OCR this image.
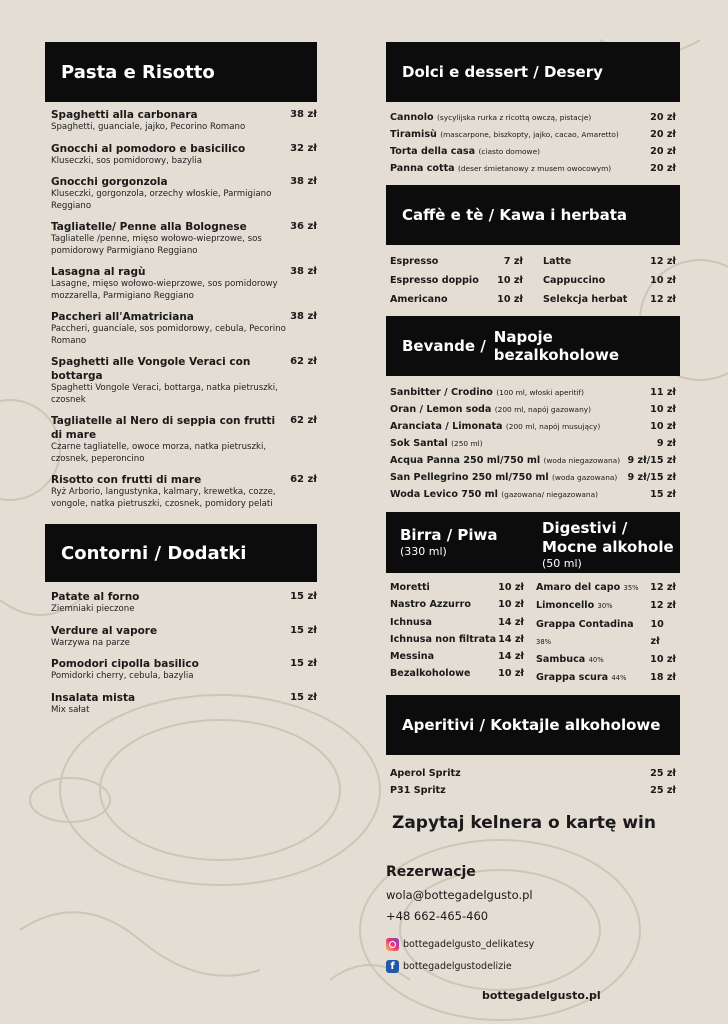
Pasta e Risotto
Spaghetti alla carbonara
Spaghetti, guanciale, jajko, Pecorino Romano
38 zł
Gnocchi al pomodoro e basicilico
Kluseczki, sos pomidorowy, bazylia
32 zł
Gnocchi gorgonzola
Kluseczki, gorgonzola, orzechy włoskie, Parmigiano Reggiano
38 zł
Tagliatelle/ Penne alla Bolognese
Tagliatelle /penne, mięso wołowo-wieprzowe, sos pomidorowy Parmigiano Reggiano
36 zł
Lasagna al ragù
Lasagne, mięso wołowo-wieprzowe, sos pomidorowy mozzarella, Parmigiano Reggiano
38 zł
Paccheri all'Amatriciana
Paccheri, guanciale, sos pomidorowy, cebula, Pecorino Romano
38 zł
Spaghetti alle Vongole Veraci con bottarga
Spaghetti Vongole Veraci, bottarga, natka pietruszki, czosnek
62 zł
Tagliatelle al Nero di seppia con frutti di mare
Czarne tagliatelle, owoce morza, natka pietruszki, czosnek, peperoncino
62 zł
Risotto con frutti di mare
Ryż Arborio, langustynka, kalmary, krewetka, cozze, vongole, natka pietruszki, czosnek, pomidory pelati
62 zł
Contorni / Dodatki
Patate al forno
Ziemniaki pieczone
15 zł
Verdure al vapore
Warzywa na parze
15 zł
Pomodori cipolla basilico
Pomidorki cherry, cebula, bazylia
15 zł
Insalata mista
Mix sałat
15 zł
Dolci e dessert / Desery
Cannolo (sycylijska rurka z ricottą owczą, pistacje)	20 zł
Tiramisù (mascarpone, biszkopty, jajko, cacao, Amaretto)	20 zł
Torta della casa (ciasto domowe)	20 zł
Panna cotta (deser śmietanowy z musem owocowym)	20 zł
Caffè e tè / Kawa i herbata
Espresso	7 zł Latte	12 zł
Espresso doppio 10 zł Cappuccino	10 zł
Americano	10 zł Selekcja herbat 12 zł
Bevande / Napoje bezalkoholowe
Sanbitter / Crodino (100 ml, włoski aperitif)	11 zł
Oran / Lemon soda (200 ml, napój gazowany)	10 zł
Aranciata / Limonata (200 ml, napój musujący)	10 zł
Sok Santal (250 ml)	9 zł
Acqua Panna 250 ml/750 ml (woda niegazowana) 9 zł/15 zł
San Pellegrino 250 ml/750 ml (woda gazowana) 9 zł/15 zł
Woda Levico 750 ml (gazowana/ niegazowana)	15 zł
Birra / Piwa
(330 ml)
Digestivi /
Mocne alkohole
(50 ml)
Moretti	10 zł
Nastro Azzurro	10 zł
Ichnusa	14 zł
Ichnusa non filtrata 14 zł
Messina	14 zł
Bezalkoholowe	10 zł
Amaro del capo 35% 12 zł
Limoncello 30%	12 zł
Grappa Contadina 38%
10 zł
Sambuca 40%	10 zł
Grappa scura 44% 18 zł
Aperitivi / Koktajle alkoholowe
Aperol Spritz	25 zł
P31 Spritz	25 zł
Zapytaj kelnera o kartę win
Rezerwacje
wola@bottegadelgusto.pl
+48 662-465-460
bottegadelgusto_delikatesy
f bottegadelgustodelizie
bottegadelgusto.pl
